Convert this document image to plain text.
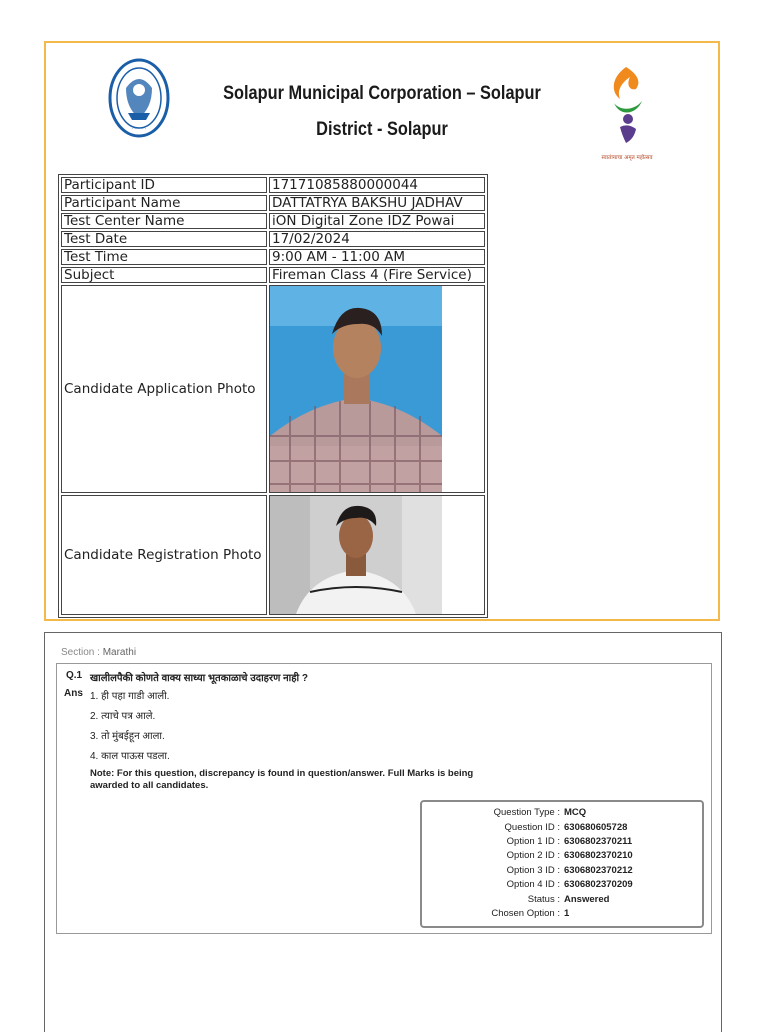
· · · · ·
Solapur Municipal Corporation – Solapur
District - Solapur
स्वातंत्र्याचा अमृत महोत्सव
Participant ID	17171085880000044
Participant Name	DATTATRYA BAKSHU JADHAV
Test Center Name	iON Digital Zone IDZ Powai
Test Date	17/02/2024
Test Time	9:00 AM - 11:00 AM
Subject	Fireman Class 4 (Fire Service)
Candidate Application Photo	

Candidate Registration Photo	
Section : Marathi
Q.1 खालीलपैकी कोणते वाक्य साध्या भूतकाळाचे उदाहरण नाही ?
Ans 1. ही पहा गाडी आली.
2. त्याचे पत्र आले.
3. तो मुंबईहून आला.
4. काल पाऊस पडला.
Note: For this question, discrepancy is found in question/answer. Full Marks is being awarded to all candidates.
Question Type : MCQ
Question ID : 630680605728
Option 1 ID : 6306802370211
Option 2 ID : 6306802370210
Option 3 ID : 6306802370212
Option 4 ID : 6306802370209
Status : Answered
Chosen Option : 1
